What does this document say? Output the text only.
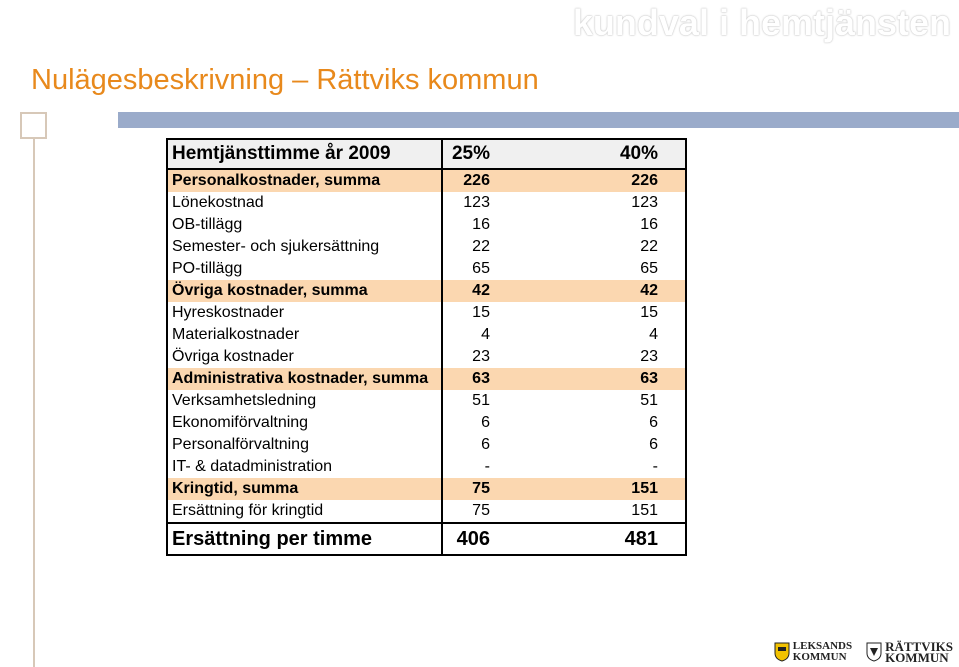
kundval i hemtjänsten
Nulägesbeskrivning – Rättviks kommun
Hemtjänsttimme år 2009	25%	40%
Personalkostnader, summa	226	226
Lönekostnad	123	123
OB-tillägg	16	16
Semester- och sjukersättning	22	22
PO-tillägg	65	65
Övriga kostnader, summa	42	42
Hyreskostnader	15	15
Materialkostnader	4	4
Övriga kostnader	23	23
Administrativa kostnader, summa	63	63
Verksamhetsledning	51	51
Ekonomiförvaltning	6	6
Personalförvaltning	6	6
IT- & datadministration	-	-
Kringtid, summa	75	151
Ersättning för kringtid	75	151
Ersättning per timme	406	481
LEKSANDS
KOMMUN
RÄTTVIKS
KOMMUN
